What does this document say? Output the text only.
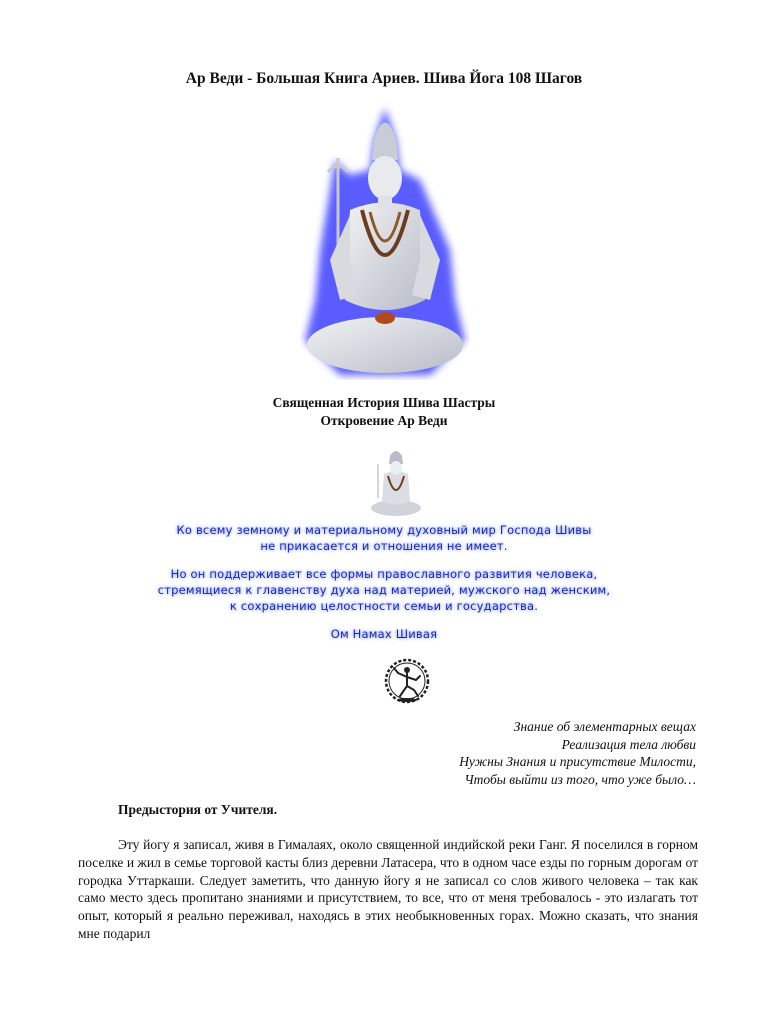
Ар Веди - Большая Книга Ариев. Шива Йога 108 Шагов
Священная История Шива Шастры
Откровение Ар Веди

Ко всему земному и материальному духовный мир Господа Шивы
не прикасается и отношения не имеет.

Но он поддерживает все формы православного развития человека,
стремящиеся к главенству духа над материей, мужского над женским,
к сохранению целостности семьи и государства.

Ом Намах Шивая

Знание об элементарных вещах
Реализация тела любви
Нужны Знания и присутствие Милости,
Чтобы выйти из того, что уже было…
Предыстория от Учителя.
Эту йогу я записал, живя в Гималаях, около священной индийской реки Ганг. Я поселился в горном поселке и жил в семье торговой касты близ деревни Латасера, что в одном часе езды по горным дорогам от городка Уттаркаши. Следует заметить, что данную йогу я не записал со слов живого человека – так как само место здесь пропитано знаниями и присутствием, то все, что от меня требовалось - это излагать тот опыт, который я реально переживал, находясь в этих необыкновенных горах. Можно сказать, что знания мне подарил
